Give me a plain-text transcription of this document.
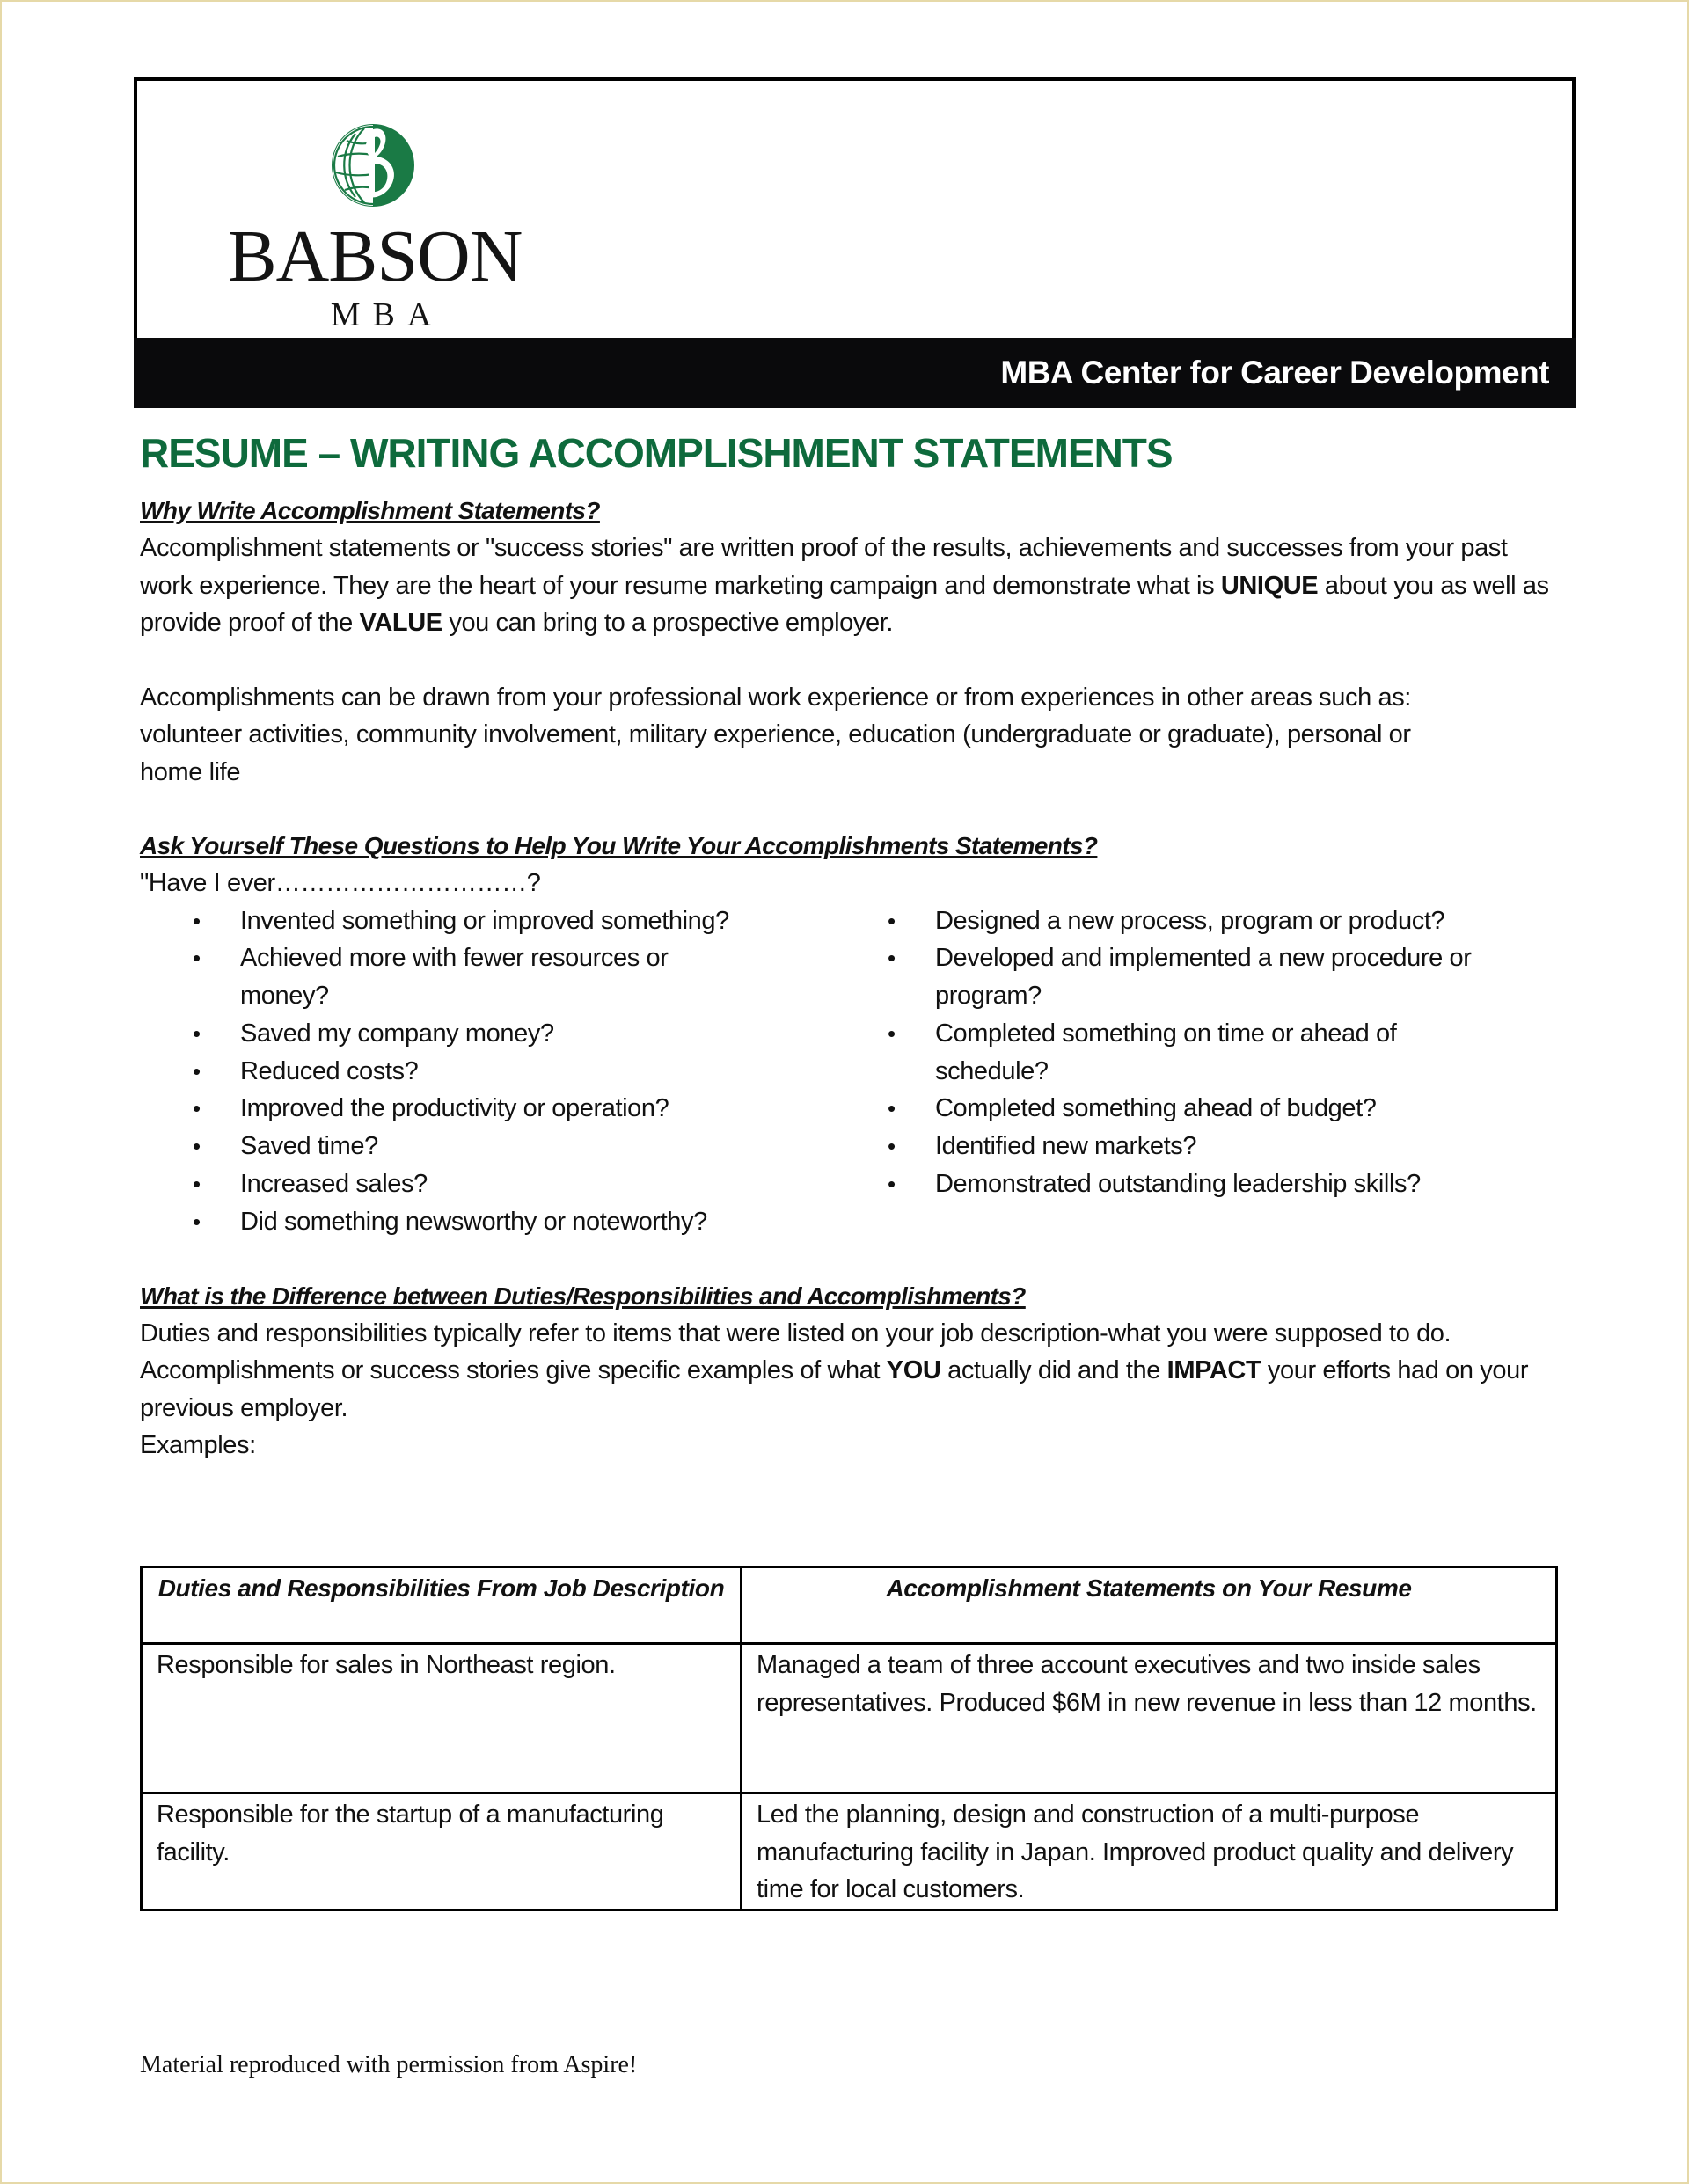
BABSON
MBA
MBA Center for Career Development
RESUME – WRITING ACCOMPLISHMENT STATEMENTS
Why Write Accomplishment Statements?

Accomplishment statements or "success stories" are written proof of the results, achievements and successes from your past work experience. They are the heart of your resume marketing campaign and demonstrate what is UNIQUE about you as well as provide proof of the VALUE you can bring to a prospective employer.

Accomplishments can be drawn from your professional work experience or from experiences in other areas such as: volunteer activities, community involvement, military experience, education (undergraduate or graduate), personal or home life

Ask Yourself These Questions to Help You Write Your Accomplishments Statements?

"Have I ever…………………………?

•	Invented something or improved something?
•	Achieved more with fewer resources or money?
•	Saved my company money?
•	Reduced costs?
•	Improved the productivity or operation?
•	Saved time?
•	Increased sales?
•	Did something newsworthy or noteworthy?
•	Designed a new process, program or product?
•	Developed and implemented a new procedure or program?
•	Completed something on time or ahead of schedule?
•	Completed something ahead of budget?
•	Identified new markets?
•	Demonstrated outstanding leadership skills?
What is the Difference between Duties/Responsibilities and Accomplishments?

Duties and responsibilities typically refer to items that were listed on your job description-what you were supposed to do. Accomplishments or success stories give specific examples of what YOU actually did and the IMPACT your efforts had on your previous employer.

Examples:

Duties and Responsibilities From Job Description	Accomplishment Statements on Your Resume
Responsible for sales in Northeast region.	Managed a team of three account executives and two inside sales representatives. Produced $6M in new revenue in less than 12 months.
Responsible for the startup of a manufacturing facility.	Led the planning, design and construction of a multi-purpose manufacturing facility in Japan. Improved product quality and delivery time for local customers.
Material reproduced with permission from Aspire!
